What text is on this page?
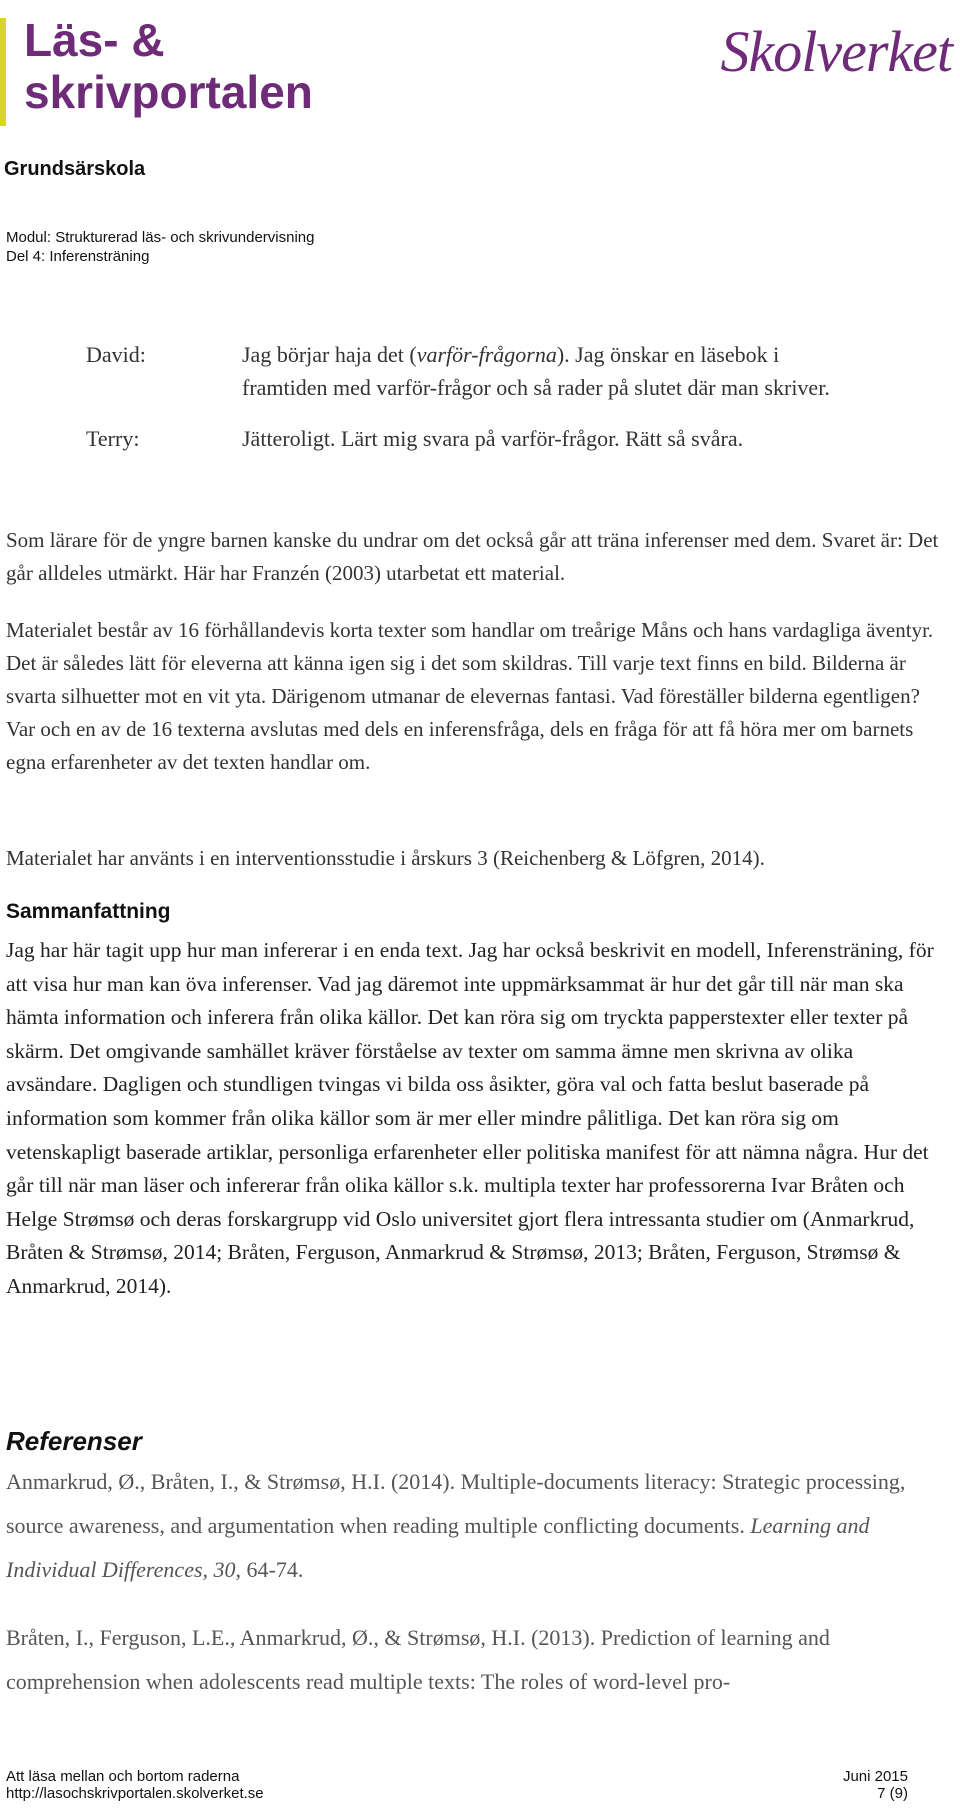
Läs- &
skrivportalen
Skolverket
Grundsärskola
Modul: Strukturerad läs- och skrivundervisning
Del 4: Inferensträning
David:	Jag börjar haja det (varför-frågorna). Jag önskar en läsebok i framtiden med varför-frågor och så rader på slutet där man skriver.
Terry:	Jätteroligt. Lärt mig svara på varför-frågor. Rätt så svåra.

Som lärare för de yngre barnen kanske du undrar om det också går att träna inferenser med dem. Svaret är: Det går alldeles utmärkt. Här har Franzén (2003) utarbetat ett material.

Materialet består av 16 förhållandevis korta texter som handlar om treårige Måns och hans vardagliga äventyr. Det är således lätt för eleverna att känna igen sig i det som skildras. Till varje text finns en bild. Bilderna är svarta silhuetter mot en vit yta. Därigenom utmanar de elevernas fantasi. Vad föreställer bilderna egentligen? Var och en av de 16 texterna avslutas med dels en inferensfråga, dels en fråga för att få höra mer om barnets egna erfarenheter av det texten handlar om.

Materialet har använts i en interventionsstudie i årskurs 3 (Reichenberg & Löfgren, 2014).

Sammanfattning

Jag har här tagit upp hur man infererar i en enda text. Jag har också beskrivit en modell, Inferensträning, för att visa hur man kan öva inferenser. Vad jag däremot inte uppmärksammat är hur det går till när man ska hämta information och inferera från olika källor. Det kan röra sig om tryckta papperstexter eller texter på skärm. Det omgivande samhället kräver förståelse av texter om samma ämne men skrivna av olika avsändare. Dagligen och stundligen tvingas vi bilda oss åsikter, göra val och fatta beslut baserade på information som kommer från olika källor som är mer eller mindre pålitliga. Det kan röra sig om vetenskapligt baserade artiklar, personliga erfarenheter eller politiska manifest för att nämna några. Hur det går till när man läser och infererar från olika källor s.k. multipla texter har professorerna Ivar Bråten och Helge Strømsø och deras forskargrupp vid Oslo universitet gjort flera intressanta studier om (Anmarkrud, Bråten & Strømsø, 2014; Bråten, Ferguson, Anmarkrud & Strømsø, 2013; Bråten, Ferguson, Strømsø & Anmarkrud, 2014).

Referenser

Anmarkrud, Ø., Bråten, I., & Strømsø, H.I. (2014). Multiple-documents literacy: Strategic processing, source awareness, and argumentation when reading multiple conflicting documents. Learning and Individual Differences, 30, 64-74.

Bråten, I., Ferguson, L.E., Anmarkrud, Ø., & Strømsø, H.I. (2013). Prediction of learning and comprehension when adolescents read multiple texts: The roles of word-level pro-

Att läsa mellan och bortom raderna
http://lasochskrivportalen.skolverket.se
Juni 2015
7 (9)
